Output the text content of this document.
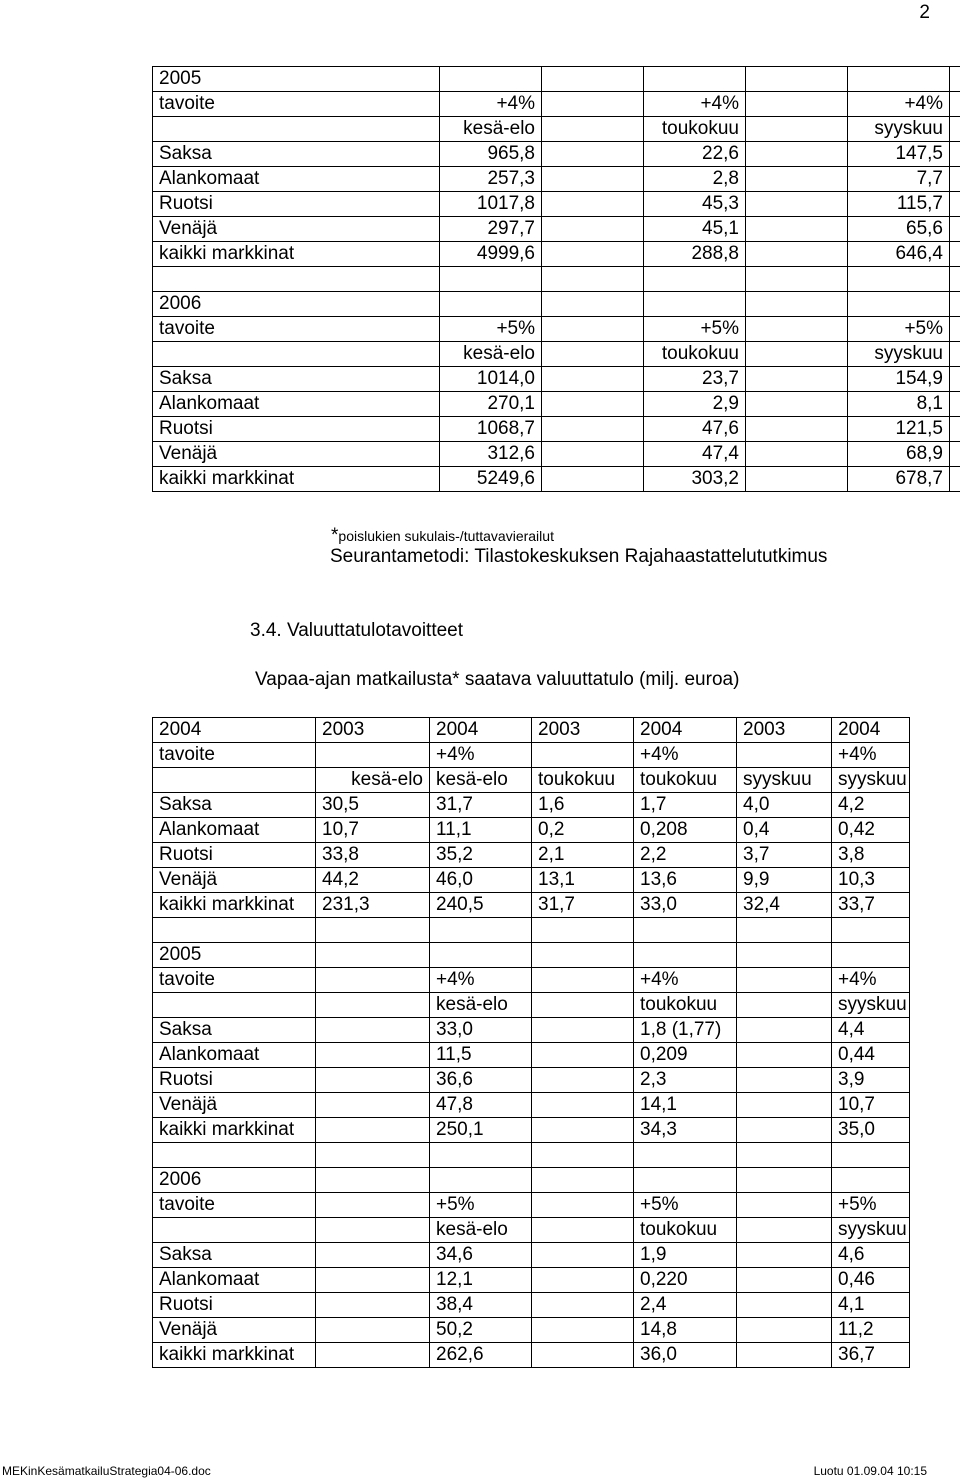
2
2005						
tavoite	+4%		+4%		+4%	
	kesä-elo		toukokuu		syyskuu	
Saksa	965,8		22,6		147,5	
Alankomaat	257,3		2,8		7,7	
Ruotsi	1017,8		45,3		115,7	
Venäjä	297,7		45,1		65,6	
kaikki markkinat	4999,6		288,8		646,4	

2006						
tavoite	+5%		+5%		+5%	
	kesä-elo		toukokuu		syyskuu	
Saksa	1014,0		23,7		154,9	
Alankomaat	270,1		2,9		8,1	
Ruotsi	1068,7		47,6		121,5	
Venäjä	312,6		47,4		68,9	
kaikki markkinat	5249,6		303,2		678,7	
*poislukien sukulais-/tuttavavierailut
Seurantametodi: Tilastokeskuksen Rajahaastattelututkimus
3.4. Valuuttatulotavoitteet
Vapaa-ajan matkailusta* saatava valuuttatulo (milj. euroa)
2004	2003	2004	2003	2004	2003	2004
tavoite		+4%		+4%		+4%
	kesä-elo	kesä-elo	toukokuu	toukokuu	syyskuu	syyskuu
Saksa	30,5	31,7	1,6	1,7	4,0	4,2
Alankomaat	10,7	11,1	0,2	0,208	0,4	0,42
Ruotsi	33,8	35,2	2,1	2,2	3,7	3,8
Venäjä	44,2	46,0	13,1	13,6	9,9	10,3
kaikki markkinat	231,3	240,5	31,7	33,0	32,4	33,7

2005						
tavoite		+4%		+4%		+4%
		kesä-elo		toukokuu		syyskuu
Saksa		33,0		1,8 (1,77)		4,4
Alankomaat		11,5		0,209		0,44
Ruotsi		36,6		2,3		3,9
Venäjä		47,8		14,1		10,7
kaikki markkinat		250,1		34,3		35,0

2006						
tavoite		+5%		+5%		+5%
		kesä-elo		toukokuu		syyskuu
Saksa		34,6		1,9		4,6
Alankomaat		12,1		0,220		0,46
Ruotsi		38,4		2,4		4,1
Venäjä		50,2		14,8		11,2
kaikki markkinat		262,6		36,0		36,7
MEKinKesämatkailuStrategia04-06.doc	Luotu 01.09.04 10:15
